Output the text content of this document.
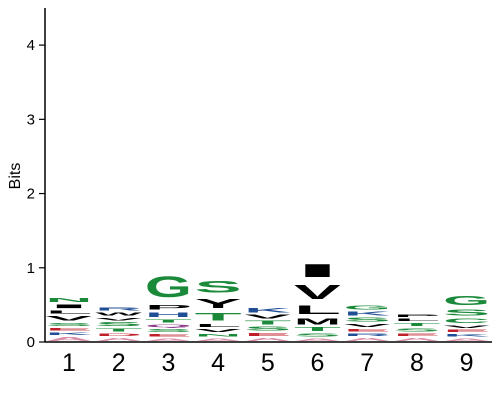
A
K
E
S
V
L
I
N
A
D
T
S
V
W
R
A
E
S
Q
T
H
P
G
A
N
V
L
T
Y
S
A
E
S
T
V
K
A
S
T
M
L
V
I
A
R
E
V
S
K
G
A
E
S
T
L
P
A
K
E
V
C
S
G
0
1
2
3
4
1 2 3 4 5 6 7 8 9
Bits
